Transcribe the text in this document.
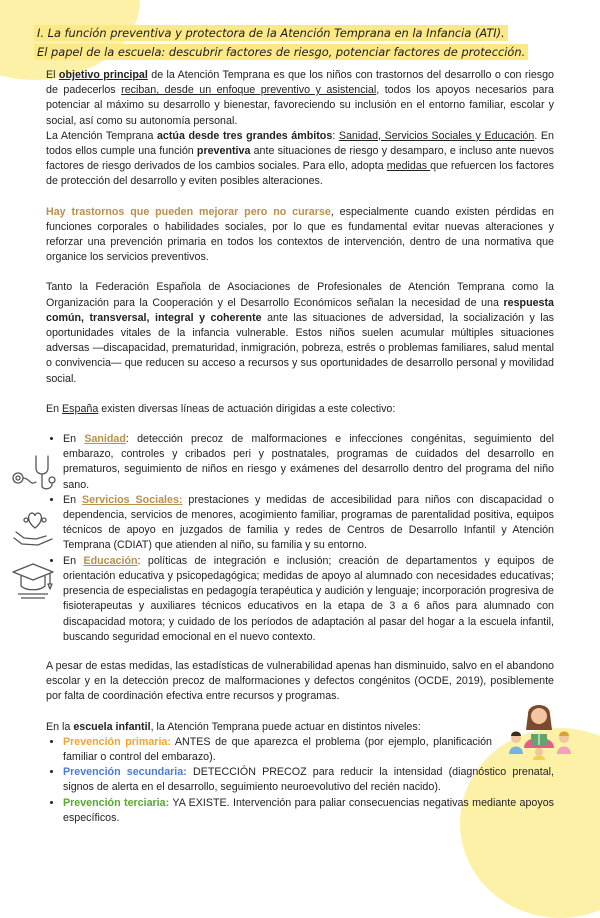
I. La función preventiva y protectora de la Atención Temprana en la Infancia (ATI).
El papel de la escuela: descubrir factores de riesgo, potenciar factores de protección.

El objetivo principal de la Atención Temprana es que los niños con trastornos del desarrollo o con riesgo de padecerlos reciban, desde un enfoque preventivo y asistencial, todos los apoyos necesarios para potenciar al máximo su desarrollo y bienestar, favoreciendo su inclusión en el entorno familiar, escolar y social, así como su autonomía personal.
La Atención Temprana actúa desde tres grandes ámbitos: Sanidad, Servicios Sociales y Educación. En todos ellos cumple una función preventiva ante situaciones de riesgo y desamparo, e incluso ante nuevos factores de riesgo derivados de los cambios sociales. Para ello, adopta medidas que refuercen los factores de protección del desarrollo y eviten posibles alteraciones.

Hay trastornos que pueden mejorar pero no curarse, especialmente cuando existen pérdidas en funciones corporales o habilidades sociales, por lo que es fundamental evitar nuevas alteraciones y reforzar una prevención primaria en todos los contextos de intervención, dentro de una normativa que organice los servicios preventivos.

Tanto la Federación Española de Asociaciones de Profesionales de Atención Temprana como la Organización para la Cooperación y el Desarrollo Económicos señalan la necesidad de una respuesta común, transversal, integral y coherente ante las situaciones de adversidad, la socialización y las oportunidades vitales de la infancia vulnerable. Estos niños suelen acumular múltiples situaciones adversas —discapacidad, prematuridad, inmigración, pobreza, estrés o problemas familiares, salud mental o convivencia— que reducen su acceso a recursos y sus oportunidades de desarrollo personal y movilidad social.

En España existen diversas líneas de actuación dirigidas a este colectivo:

• En Sanidad: detección precoz de malformaciones e infecciones congénitas, seguimiento del embarazo, controles y cribados peri y postnatales, programas de cuidados del desarrollo en prematuros, seguimiento de niños en riesgo y exámenes del desarrollo dentro del programa del niño sano.
• En Servicios Sociales: prestaciones y medidas de accesibilidad para niños con discapacidad o dependencia, servicios de menores, acogimiento familiar, programas de parentalidad positiva, equipos técnicos de apoyo en juzgados de familia y redes de Centros de Desarrollo Infantil y Atención Temprana (CDIAT) que atienden al niño, su familia y su entorno.
• En Educación: políticas de integración e inclusión; creación de departamentos y equipos de orientación educativa y psicopedagógica; medidas de apoyo al alumnado con necesidades educativas; presencia de especialistas en pedagogía terapéutica y audición y lenguaje; incorporación progresiva de fisioterapeutas y auxiliares técnicos educativos en la etapa de 3 a 6 años para alumnado con discapacidad motora; y cuidado de los períodos de adaptación al pasar del hogar a la escuela infantil, buscando seguridad emocional en el nuevo contexto.

A pesar de estas medidas, las estadísticas de vulnerabilidad apenas han disminuido, salvo en el abandono escolar y en la detección precoz de malformaciones y defectos congénitos (OCDE, 2019), posiblemente por falta de coordinación efectiva entre recursos y programas.

En la escuela infantil, la Atención Temprana puede actuar en distintos niveles:

• Prevención primaria: ANTES de que aparezca el problema (por ejemplo, planificación familiar o control del embarazo).
• Prevención secundaria: DETECCIÓN PRECOZ para reducir la intensidad (diagnóstico prenatal, signos de alerta en el desarrollo, seguimiento neuroevolutivo del recién nacido).
• Prevención terciaria: YA EXISTE. Intervención para paliar consecuencias negativas mediante apoyos específicos.
